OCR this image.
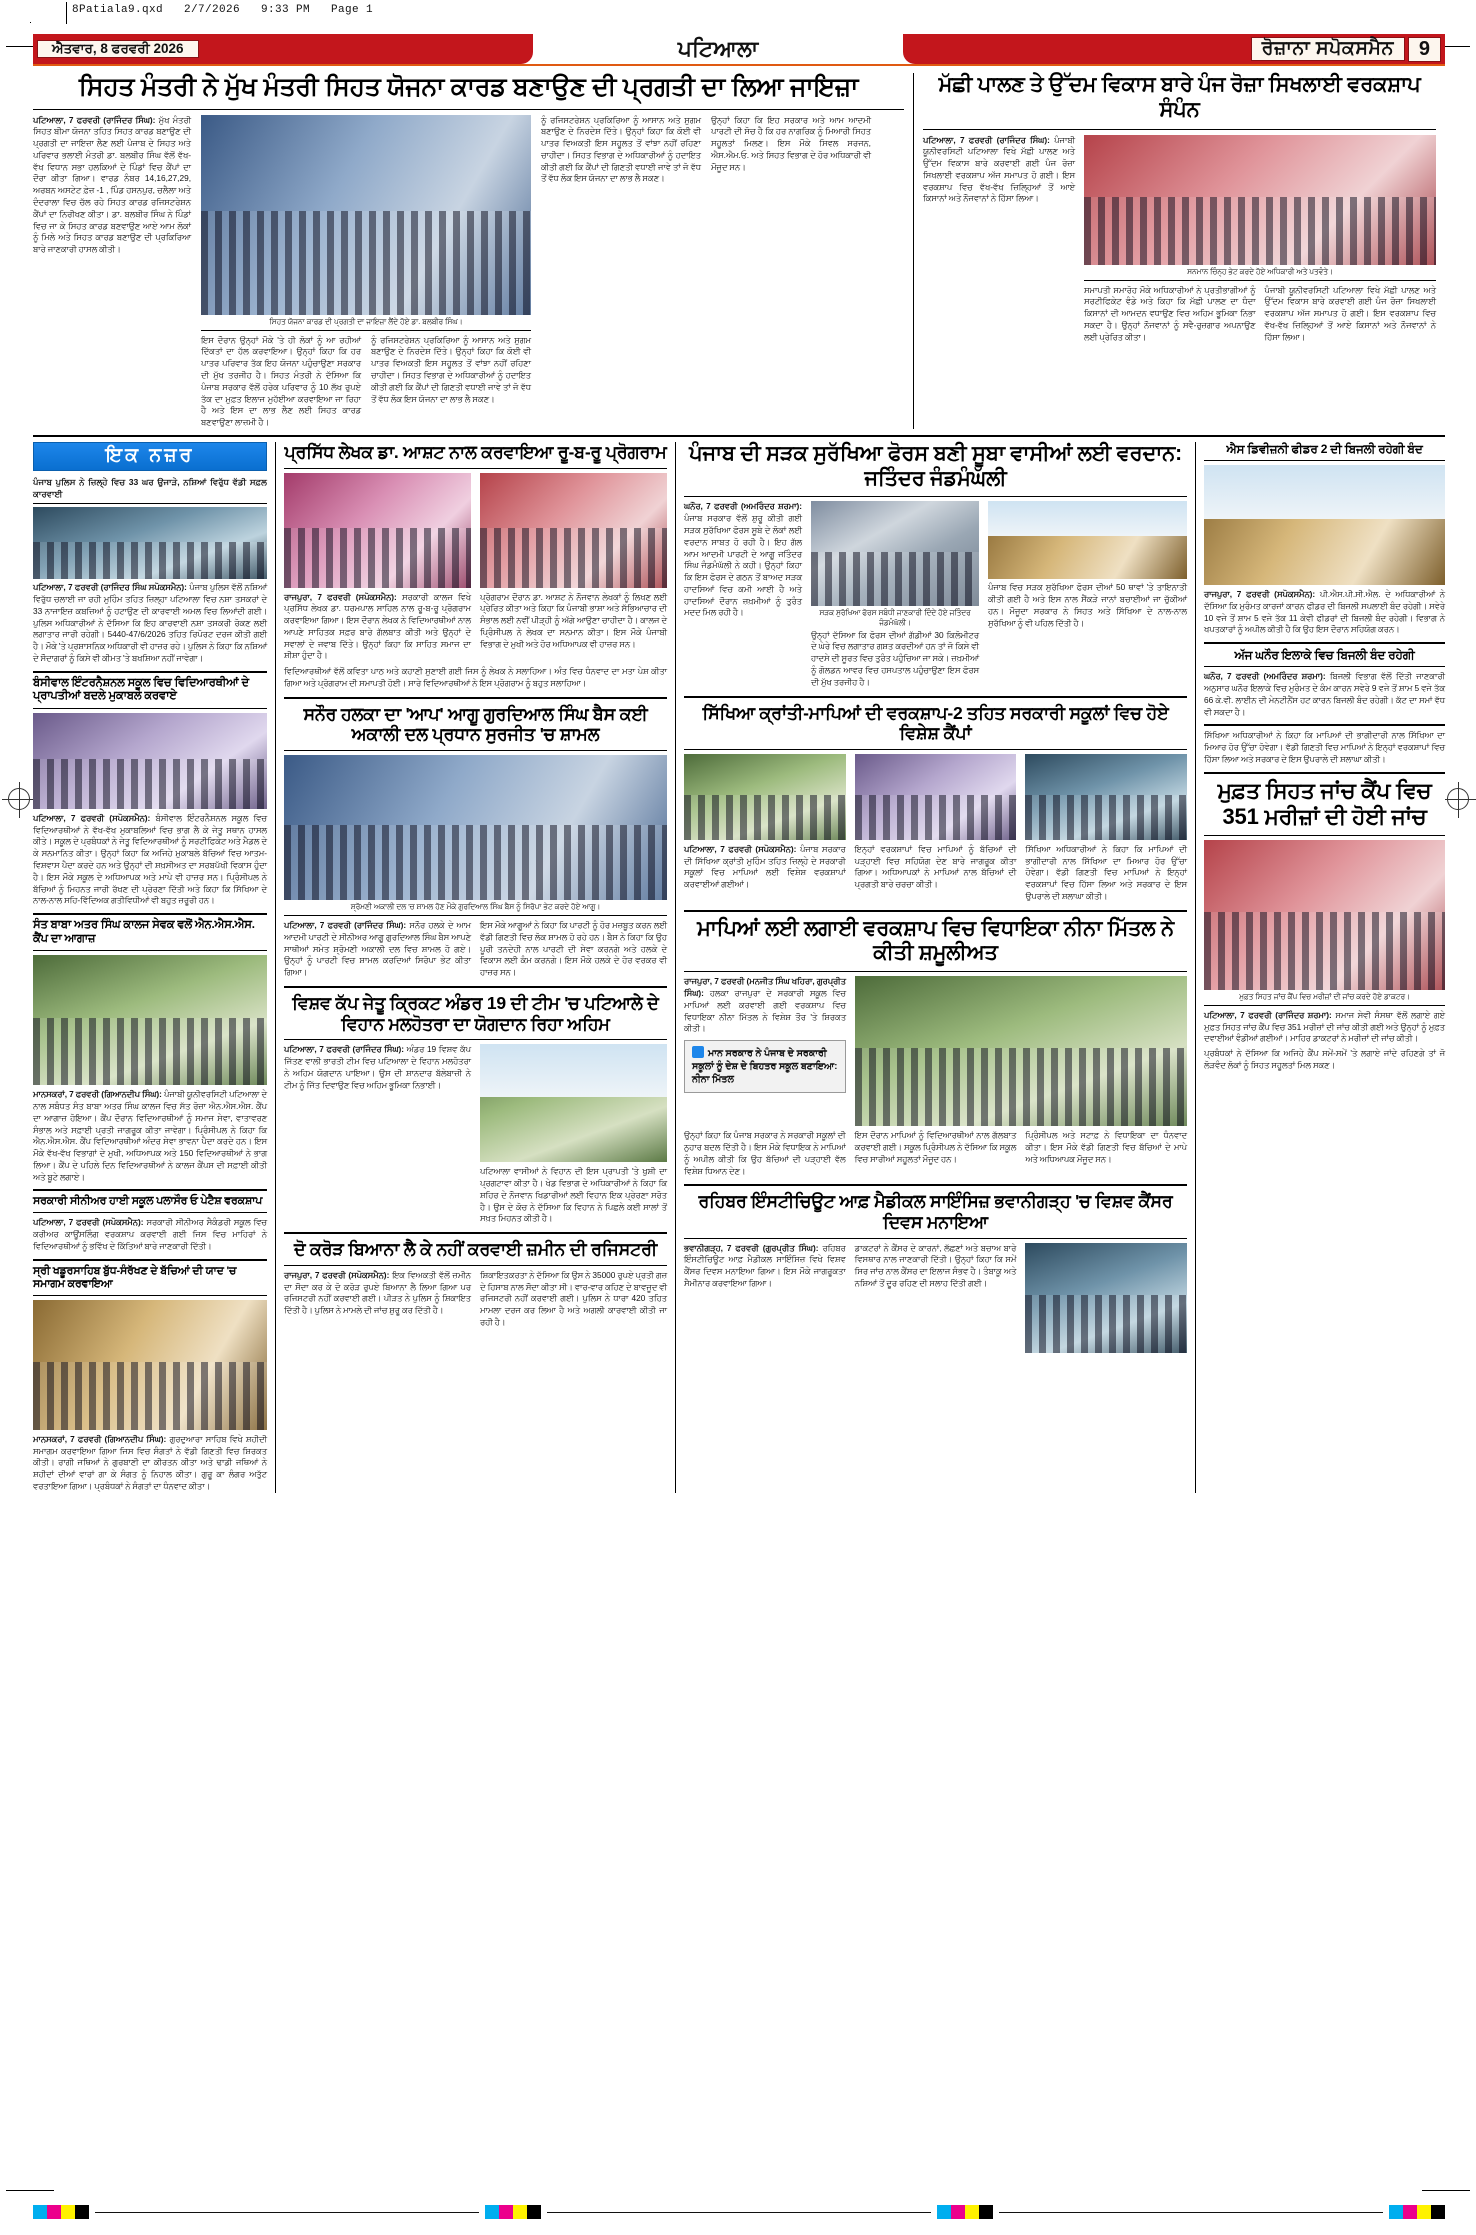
8Patiala9.qxd   2/7/2026   9:33 PM   Page 1
ਐਤਵਾਰ, 8 ਫਰਵਰੀ 2026	ਪਟਿਆਲਾ	ਰੋਜ਼ਾਨਾ ਸਪੋਕਸਮੈਨ	9
ਸਿਹਤ ਮੰਤਰੀ ਨੇ ਮੁੱਖ ਮੰਤਰੀ ਸਿਹਤ ਯੋਜਨਾ ਕਾਰਡ ਬਣਾਉਣ ਦੀ ਪ੍ਰਗਤੀ ਦਾ ਲਿਆ ਜਾਇਜ਼ਾ
ਪਟਿਆਲਾ, 7 ਫਰਵਰੀ (ਰਾਜਿੰਦਰ ਸਿੰਘ): ਮੁੱਖ ਮੰਤਰੀ ਸਿਹਤ ਬੀਮਾ ਯੋਜਨਾ ਤਹਿਤ ਸਿਹਤ ਕਾਰਡ ਬਣਾਉਣ ਦੀ ਪ੍ਰਗਤੀ ਦਾ ਜਾਇਜ਼ਾ ਲੈਣ ਲਈ ਪੰਜਾਬ ਦੇ ਸਿਹਤ ਅਤੇ ਪਰਿਵਾਰ ਭਲਾਈ ਮੰਤਰੀ ਡਾ. ਬਲਬੀਰ ਸਿੰਘ ਵੱਲੋਂ ਵੱਖ-ਵੱਖ ਵਿਧਾਨ ਸਭਾ ਹਲਕਿਆਂ ਦੇ ਪਿੰਡਾਂ ਵਿਚ ਕੈਂਪਾਂ ਦਾ ਦੌਰਾ ਕੀਤਾ ਗਿਆ। ਵਾਰਡ ਨੰਬਰ 14,16,27,29, ਅਰਬਨ ਅਸਟੇਟ ਫ਼ੇਜ਼ -1 , ਪਿੰਡ ਹਸਨਪੁਰ, ਚਲੈਲਾ ਅਤੇ ਦੰਦਰਾਲਾ ਵਿਚ ਚੱਲ ਰਹੇ ਸਿਹਤ ਕਾਰਡ ਰਜਿਸਟਰੇਸ਼ਨ ਕੈਂਪਾਂ ਦਾ ਨਿਰੀਖਣ ਕੀਤਾ। ਡਾ. ਬਲਬੀਰ ਸਿੰਘ ਨੇ ਪਿੰਡਾਂ ਵਿਚ ਜਾ ਕੇ ਸਿਹਤ ਕਾਰਡ ਬਣਵਾਉਣ ਆਏ ਆਮ ਲੋਕਾਂ ਨੂੰ ਮਿਲੇ ਅਤੇ ਸਿਹਤ ਕਾਰਡ ਬਣਾਉਣ ਦੀ ਪ੍ਰਕਿਰਿਆ ਬਾਰੇ ਜਾਣਕਾਰੀ ਹਾਸਲ ਕੀਤੀ।
ਸਿਹਤ ਯੋਜਨਾ ਕਾਰਡ ਦੀ ਪ੍ਰਗਤੀ ਦਾ ਜਾਇਜ਼ਾ ਲੈਂਦੇ ਹੋਏ ਡਾ. ਬਲਬੀਰ ਸਿੰਘ।
ਇਸ ਦੌਰਾਨ ਉਨ੍ਹਾਂ ਮੌਕੇ 'ਤੇ ਹੀ ਲੋਕਾਂ ਨੂੰ ਆ ਰਹੀਆਂ ਦਿੱਕਤਾਂ ਦਾ ਹੱਲ ਕਰਵਾਇਆ। ਉਨ੍ਹਾਂ ਕਿਹਾ ਕਿ ਹਰ ਪਾਤਰ ਪਰਿਵਾਰ ਤੱਕ ਇਹ ਯੋਜਨਾ ਪਹੁੰਚਾਉਣਾ ਸਰਕਾਰ ਦੀ ਮੁੱਖ ਤਰਜੀਹ ਹੈ। ਸਿਹਤ ਮੰਤਰੀ ਨੇ ਦੱਸਿਆ ਕਿ ਪੰਜਾਬ ਸਰਕਾਰ ਵੱਲੋਂ ਹਰੇਕ ਪਰਿਵਾਰ ਨੂੰ 10 ਲੱਖ ਰੁਪਏ ਤੱਕ ਦਾ ਮੁਫ਼ਤ ਇਲਾਜ ਮੁਹੱਈਆ ਕਰਵਾਇਆ ਜਾ ਰਿਹਾ ਹੈ ਅਤੇ ਇਸ ਦਾ ਲਾਭ ਲੈਣ ਲਈ ਸਿਹਤ ਕਾਰਡ ਬਣਵਾਉਣਾ ਲਾਜ਼ਮੀ ਹੈ।
ਨੂੰ ਰਜਿਸਟਰੇਸ਼ਨ ਪ੍ਰਕਿਰਿਆ ਨੂੰ ਆਸਾਨ ਅਤੇ ਸੁਗਮ ਬਣਾਉਣ ਦੇ ਨਿਰਦੇਸ਼ ਦਿੱਤੇ। ਉਨ੍ਹਾਂ ਕਿਹਾ ਕਿ ਕੋਈ ਵੀ ਪਾਤਰ ਵਿਅਕਤੀ ਇਸ ਸਹੂਲਤ ਤੋਂ ਵਾਂਝਾ ਨਹੀਂ ਰਹਿਣਾ ਚਾਹੀਦਾ। ਸਿਹਤ ਵਿਭਾਗ ਦੇ ਅਧਿਕਾਰੀਆਂ ਨੂੰ ਹਦਾਇਤ ਕੀਤੀ ਗਈ ਕਿ ਕੈਂਪਾਂ ਦੀ ਗਿਣਤੀ ਵਧਾਈ ਜਾਵੇ ਤਾਂ ਜੋ ਵੱਧ ਤੋਂ ਵੱਧ ਲੋਕ ਇਸ ਯੋਜਨਾ ਦਾ ਲਾਭ ਲੈ ਸਕਣ।
ਨੂੰ ਰਜਿਸਟਰੇਸ਼ਨ ਪ੍ਰਕਿਰਿਆ ਨੂੰ ਆਸਾਨ ਅਤੇ ਸੁਗਮ ਬਣਾਉਣ ਦੇ ਨਿਰਦੇਸ਼ ਦਿੱਤੇ। ਉਨ੍ਹਾਂ ਕਿਹਾ ਕਿ ਕੋਈ ਵੀ ਪਾਤਰ ਵਿਅਕਤੀ ਇਸ ਸਹੂਲਤ ਤੋਂ ਵਾਂਝਾ ਨਹੀਂ ਰਹਿਣਾ ਚਾਹੀਦਾ। ਸਿਹਤ ਵਿਭਾਗ ਦੇ ਅਧਿਕਾਰੀਆਂ ਨੂੰ ਹਦਾਇਤ ਕੀਤੀ ਗਈ ਕਿ ਕੈਂਪਾਂ ਦੀ ਗਿਣਤੀ ਵਧਾਈ ਜਾਵੇ ਤਾਂ ਜੋ ਵੱਧ ਤੋਂ ਵੱਧ ਲੋਕ ਇਸ ਯੋਜਨਾ ਦਾ ਲਾਭ ਲੈ ਸਕਣ।
ਉਨ੍ਹਾਂ ਕਿਹਾ ਕਿ ਇਹ ਸਰਕਾਰ ਅਤੇ ਆਮ ਆਦਮੀ ਪਾਰਟੀ ਦੀ ਸੋਚ ਹੈ ਕਿ ਹਰ ਨਾਗਰਿਕ ਨੂੰ ਮਿਆਰੀ ਸਿਹਤ ਸਹੂਲਤਾਂ ਮਿਲਣ। ਇਸ ਮੌਕੇ ਸਿਵਲ ਸਰਜਨ, ਐਸ.ਐਮ.ਓ. ਅਤੇ ਸਿਹਤ ਵਿਭਾਗ ਦੇ ਹੋਰ ਅਧਿਕਾਰੀ ਵੀ ਮੌਜੂਦ ਸਨ।
ਮੱਛੀ ਪਾਲਣ ਤੇ ਉੱਦਮ ਵਿਕਾਸ ਬਾਰੇ ਪੰਜ ਰੋਜ਼ਾ ਸਿਖਲਾਈ ਵਰਕਸ਼ਾਪ ਸੰਪੰਨ
ਪਟਿਆਲਾ, 7 ਫਰਵਰੀ (ਰਾਜਿੰਦਰ ਸਿੰਘ): ਪੰਜਾਬੀ ਯੂਨੀਵਰਸਿਟੀ ਪਟਿਆਲਾ ਵਿਖੇ ਮੱਛੀ ਪਾਲਣ ਅਤੇ ਉੱਦਮ ਵਿਕਾਸ ਬਾਰੇ ਕਰਵਾਈ ਗਈ ਪੰਜ ਰੋਜ਼ਾ ਸਿਖਲਾਈ ਵਰਕਸ਼ਾਪ ਅੱਜ ਸਮਾਪਤ ਹੋ ਗਈ। ਇਸ ਵਰਕਸ਼ਾਪ ਵਿਚ ਵੱਖ-ਵੱਖ ਜ਼ਿਲ੍ਹਿਆਂ ਤੋਂ ਆਏ ਕਿਸਾਨਾਂ ਅਤੇ ਨੌਜਵਾਨਾਂ ਨੇ ਹਿੱਸਾ ਲਿਆ।
ਸਨਮਾਨ ਚਿੰਨ੍ਹ ਭੇਟ ਕਰਦੇ ਹੋਏ ਅਧਿਕਾਰੀ ਅਤੇ ਪਤਵੰਤੇ।
ਸਮਾਪਤੀ ਸਮਾਰੋਹ ਮੌਕੇ ਅਧਿਕਾਰੀਆਂ ਨੇ ਪ੍ਰਤੀਭਾਗੀਆਂ ਨੂੰ ਸਰਟੀਫਿਕੇਟ ਵੰਡੇ ਅਤੇ ਕਿਹਾ ਕਿ ਮੱਛੀ ਪਾਲਣ ਦਾ ਧੰਦਾ ਕਿਸਾਨਾਂ ਦੀ ਆਮਦਨ ਵਧਾਉਣ ਵਿਚ ਅਹਿਮ ਭੂਮਿਕਾ ਨਿਭਾ ਸਕਦਾ ਹੈ। ਉਨ੍ਹਾਂ ਨੌਜਵਾਨਾਂ ਨੂੰ ਸਵੈ-ਰੁਜ਼ਗਾਰ ਅਪਨਾਉਣ ਲਈ ਪ੍ਰੇਰਿਤ ਕੀਤਾ।
ਪੰਜਾਬੀ ਯੂਨੀਵਰਸਿਟੀ ਪਟਿਆਲਾ ਵਿਖੇ ਮੱਛੀ ਪਾਲਣ ਅਤੇ ਉੱਦਮ ਵਿਕਾਸ ਬਾਰੇ ਕਰਵਾਈ ਗਈ ਪੰਜ ਰੋਜ਼ਾ ਸਿਖਲਾਈ ਵਰਕਸ਼ਾਪ ਅੱਜ ਸਮਾਪਤ ਹੋ ਗਈ। ਇਸ ਵਰਕਸ਼ਾਪ ਵਿਚ ਵੱਖ-ਵੱਖ ਜ਼ਿਲ੍ਹਿਆਂ ਤੋਂ ਆਏ ਕਿਸਾਨਾਂ ਅਤੇ ਨੌਜਵਾਨਾਂ ਨੇ ਹਿੱਸਾ ਲਿਆ।
ਇਕ ਨਜ਼ਰ
ਪੰਜਾਬ ਪੁਲਿਸ ਨੇ ਜ਼ਿਲ੍ਹੇ ਵਿਚ 33 ਘਰ ਉਜਾੜੇ, ਨਸ਼ਿਆਂ ਵਿਰੁੱਧ ਵੱਡੀ ਸਫ਼ਲ ਕਾਰਵਾਈ
ਪਟਿਆਲਾ, 7 ਫਰਵਰੀ (ਰਾਜਿੰਦਰ ਸਿੰਘ ਸਪੋਕਸਮੈਨ): ਪੰਜਾਬ ਪੁਲਿਸ ਵੱਲੋਂ ਨਸ਼ਿਆਂ ਵਿਰੁੱਧ ਚਲਾਈ ਜਾ ਰਹੀ ਮੁਹਿੰਮ ਤਹਿਤ ਜ਼ਿਲ੍ਹਾ ਪਟਿਆਲਾ ਵਿਚ ਨਸ਼ਾ ਤਸਕਰਾਂ ਦੇ 33 ਨਾਜਾਇਜ਼ ਕਬਜ਼ਿਆਂ ਨੂੰ ਹਟਾਉਣ ਦੀ ਕਾਰਵਾਈ ਅਮਲ ਵਿਚ ਲਿਆਂਦੀ ਗਈ। ਪੁਲਿਸ ਅਧਿਕਾਰੀਆਂ ਨੇ ਦੱਸਿਆ ਕਿ ਇਹ ਕਾਰਵਾਈ ਨਸ਼ਾ ਤਸਕਰੀ ਰੋਕਣ ਲਈ ਲਗਾਤਾਰ ਜਾਰੀ ਰਹੇਗੀ। 5440-47/6/2026 ਤਹਿਤ ਰਿਪੋਰਟ ਦਰਜ ਕੀਤੀ ਗਈ ਹੈ। ਮੌਕੇ 'ਤੇ ਪ੍ਰਸ਼ਾਸਨਿਕ ਅਧਿਕਾਰੀ ਵੀ ਹਾਜ਼ਰ ਰਹੇ। ਪੁਲਿਸ ਨੇ ਕਿਹਾ ਕਿ ਨਸ਼ਿਆਂ ਦੇ ਸੌਦਾਗਰਾਂ ਨੂੰ ਕਿਸੇ ਵੀ ਕੀਮਤ 'ਤੇ ਬਖਸ਼ਿਆ ਨਹੀਂ ਜਾਵੇਗਾ।
ਬੰਸੀਵਾਲ ਇੰਟਰਨੈਸ਼ਨਲ ਸਕੂਲ ਵਿਚ ਵਿਦਿਆਰਥੀਆਂ ਦੇ ਪ੍ਰਾਪਤੀਆਂ ਬਦਲੇ ਮੁਕਾਬਲੇ ਕਰਵਾਏ
ਪਟਿਆਲਾ, 7 ਫਰਵਰੀ (ਸਪੋਕਸਮੈਨ): ਬੰਸੀਵਾਲ ਇੰਟਰਨੈਸ਼ਨਲ ਸਕੂਲ ਵਿਚ ਵਿਦਿਆਰਥੀਆਂ ਨੇ ਵੱਖ-ਵੱਖ ਮੁਕਾਬਲਿਆਂ ਵਿਚ ਭਾਗ ਲੈ ਕੇ ਜੇਤੂ ਸਥਾਨ ਹਾਸਲ ਕੀਤੇ। ਸਕੂਲ ਦੇ ਪ੍ਰਬੰਧਕਾਂ ਨੇ ਜੇਤੂ ਵਿਦਿਆਰਥੀਆਂ ਨੂੰ ਸਰਟੀਫਿਕੇਟ ਅਤੇ ਮੈਡਲ ਦੇ ਕੇ ਸਨਮਾਨਿਤ ਕੀਤਾ। ਉਨ੍ਹਾਂ ਕਿਹਾ ਕਿ ਅਜਿਹੇ ਮੁਕਾਬਲੇ ਬੱਚਿਆਂ ਵਿਚ ਆਤਮ-ਵਿਸ਼ਵਾਸ ਪੈਦਾ ਕਰਦੇ ਹਨ ਅਤੇ ਉਨ੍ਹਾਂ ਦੀ ਸ਼ਖ਼ਸੀਅਤ ਦਾ ਸਰਬਪੱਖੀ ਵਿਕਾਸ ਹੁੰਦਾ ਹੈ। ਇਸ ਮੌਕੇ ਸਕੂਲ ਦੇ ਅਧਿਆਪਕ ਅਤੇ ਮਾਪੇ ਵੀ ਹਾਜ਼ਰ ਸਨ। ਪ੍ਰਿੰਸੀਪਲ ਨੇ ਬੱਚਿਆਂ ਨੂੰ ਮਿਹਨਤ ਜਾਰੀ ਰੱਖਣ ਦੀ ਪ੍ਰੇਰਣਾ ਦਿੱਤੀ ਅਤੇ ਕਿਹਾ ਕਿ ਸਿੱਖਿਆ ਦੇ ਨਾਲ-ਨਾਲ ਸਹਿ-ਵਿੱਦਿਅਕ ਗਤੀਵਿਧੀਆਂ ਵੀ ਬਹੁਤ ਜ਼ਰੂਰੀ ਹਨ।
ਸੰਤ ਬਾਬਾ ਅਤਰ ਸਿੰਘ ਕਾਲਜ ਸੇਵਕ ਵਲੋਂ ਐਨ.ਐਸ.ਐਸ. ਕੈਂਪ ਦਾ ਆਗਾਜ਼
ਮਾਨਸਕਰਾਂ, 7 ਫਰਵਰੀ (ਗਿਆਨਦੀਪ ਸਿੰਘ): ਪੰਜਾਬੀ ਯੂਨੀਵਰਸਿਟੀ ਪਟਿਆਲਾ ਦੇ ਨਾਲ ਸਬੰਧਤ ਸੰਤ ਬਾਬਾ ਅਤਰ ਸਿੰਘ ਕਾਲਜ ਵਿਚ ਸੱਤ ਰੋਜ਼ਾ ਐਨ.ਐਸ.ਐਸ. ਕੈਂਪ ਦਾ ਆਗਾਜ਼ ਹੋਇਆ। ਕੈਂਪ ਦੌਰਾਨ ਵਿਦਿਆਰਥੀਆਂ ਨੂੰ ਸਮਾਜ ਸੇਵਾ, ਵਾਤਾਵਰਣ ਸੰਭਾਲ ਅਤੇ ਸਫ਼ਾਈ ਪ੍ਰਤੀ ਜਾਗਰੂਕ ਕੀਤਾ ਜਾਵੇਗਾ। ਪ੍ਰਿੰਸੀਪਲ ਨੇ ਕਿਹਾ ਕਿ ਐਨ.ਐਸ.ਐਸ. ਕੈਂਪ ਵਿਦਿਆਰਥੀਆਂ ਅੰਦਰ ਸੇਵਾ ਭਾਵਨਾ ਪੈਦਾ ਕਰਦੇ ਹਨ। ਇਸ ਮੌਕੇ ਵੱਖ-ਵੱਖ ਵਿਭਾਗਾਂ ਦੇ ਮੁਖੀ, ਅਧਿਆਪਕ ਅਤੇ 150 ਵਿਦਿਆਰਥੀਆਂ ਨੇ ਭਾਗ ਲਿਆ। ਕੈਂਪ ਦੇ ਪਹਿਲੇ ਦਿਨ ਵਿਦਿਆਰਥੀਆਂ ਨੇ ਕਾਲਜ ਕੈਂਪਸ ਦੀ ਸਫ਼ਾਈ ਕੀਤੀ ਅਤੇ ਬੂਟੇ ਲਗਾਏ।
ਸਰਕਾਰੀ ਸੀਨੀਅਰ ਹਾਈ ਸਕੂਲ ਪਲਾਸੌਰ ਓ ਪੇਟੈਸ਼ ਵਰਕਸ਼ਾਪ
ਪਟਿਆਲਾ, 7 ਫਰਵਰੀ (ਸਪੋਕਸਮੈਨ): ਸਰਕਾਰੀ ਸੀਨੀਅਰ ਸੈਕੰਡਰੀ ਸਕੂਲ ਵਿਚ ਕਰੀਅਰ ਕਾਊਂਸਲਿੰਗ ਵਰਕਸ਼ਾਪ ਕਰਵਾਈ ਗਈ ਜਿਸ ਵਿਚ ਮਾਹਿਰਾਂ ਨੇ ਵਿਦਿਆਰਥੀਆਂ ਨੂੰ ਭਵਿੱਖ ਦੇ ਕਿੱਤਿਆਂ ਬਾਰੇ ਜਾਣਕਾਰੀ ਦਿੱਤੀ।
ਸ੍ਰੀ ਖਡੂਰਸਾਹਿਬ ਬੁੱਧ-ਸੰਰੱਖਣ ਦੇ ਬੱਚਿਆਂ ਦੀ ਯਾਦ 'ਚ ਸਮਾਗਮ ਕਰਵਾਇਆ
ਮਾਨਸਕਰਾਂ, 7 ਫਰਵਰੀ (ਗਿਆਨਦੀਪ ਸਿੰਘ): ਗੁਰਦੁਆਰਾ ਸਾਹਿਬ ਵਿਖੇ ਸ਼ਹੀਦੀ ਸਮਾਗਮ ਕਰਵਾਇਆ ਗਿਆ ਜਿਸ ਵਿਚ ਸੰਗਤਾਂ ਨੇ ਵੱਡੀ ਗਿਣਤੀ ਵਿਚ ਸ਼ਿਰਕਤ ਕੀਤੀ। ਰਾਗੀ ਜਥਿਆਂ ਨੇ ਗੁਰਬਾਣੀ ਦਾ ਕੀਰਤਨ ਕੀਤਾ ਅਤੇ ਢਾਡੀ ਜਥਿਆਂ ਨੇ ਸ਼ਹੀਦਾਂ ਦੀਆਂ ਵਾਰਾਂ ਗਾ ਕੇ ਸੰਗਤ ਨੂੰ ਨਿਹਾਲ ਕੀਤਾ। ਗੁਰੂ ਕਾ ਲੰਗਰ ਅਤੁੱਟ ਵਰਤਾਇਆ ਗਿਆ। ਪ੍ਰਬੰਧਕਾਂ ਨੇ ਸੰਗਤਾਂ ਦਾ ਧੰਨਵਾਦ ਕੀਤਾ।
ਪ੍ਰਸਿੱਧ ਲੇਖਕ ਡਾ. ਆਸ਼ਟ ਨਾਲ ਕਰਵਾਇਆ ਰੂ-ਬ-ਰੂ ਪ੍ਰੋਗਰਾਮ
ਰਾਜਪੁਰਾ, 7 ਫਰਵਰੀ (ਸਪੋਕਸਮੈਨ): ਸਰਕਾਰੀ ਕਾਲਜ ਵਿਖੇ ਪ੍ਰਸਿੱਧ ਲੇਖਕ ਡਾ. ਧਰਮਪਾਲ ਸਾਹਿਲ ਨਾਲ ਰੂ-ਬ-ਰੂ ਪ੍ਰੋਗਰਾਮ ਕਰਵਾਇਆ ਗਿਆ। ਇਸ ਦੌਰਾਨ ਲੇਖਕ ਨੇ ਵਿਦਿਆਰਥੀਆਂ ਨਾਲ ਆਪਣੇ ਸਾਹਿਤਕ ਸਫ਼ਰ ਬਾਰੇ ਗੱਲਬਾਤ ਕੀਤੀ ਅਤੇ ਉਨ੍ਹਾਂ ਦੇ ਸਵਾਲਾਂ ਦੇ ਜਵਾਬ ਦਿੱਤੇ। ਉਨ੍ਹਾਂ ਕਿਹਾ ਕਿ ਸਾਹਿਤ ਸਮਾਜ ਦਾ ਸ਼ੀਸ਼ਾ ਹੁੰਦਾ ਹੈ।
ਪ੍ਰੋਗਰਾਮ ਦੌਰਾਨ ਡਾ. ਆਸ਼ਟ ਨੇ ਨੌਜਵਾਨ ਲੇਖਕਾਂ ਨੂੰ ਲਿਖਣ ਲਈ ਪ੍ਰੇਰਿਤ ਕੀਤਾ ਅਤੇ ਕਿਹਾ ਕਿ ਪੰਜਾਬੀ ਭਾਸ਼ਾ ਅਤੇ ਸੱਭਿਆਚਾਰ ਦੀ ਸੰਭਾਲ ਲਈ ਨਵੀਂ ਪੀੜ੍ਹੀ ਨੂੰ ਅੱਗੇ ਆਉਣਾ ਚਾਹੀਦਾ ਹੈ। ਕਾਲਜ ਦੇ ਪ੍ਰਿੰਸੀਪਲ ਨੇ ਲੇਖਕ ਦਾ ਸਨਮਾਨ ਕੀਤਾ। ਇਸ ਮੌਕੇ ਪੰਜਾਬੀ ਵਿਭਾਗ ਦੇ ਮੁਖੀ ਅਤੇ ਹੋਰ ਅਧਿਆਪਕ ਵੀ ਹਾਜ਼ਰ ਸਨ।
ਵਿਦਿਆਰਥੀਆਂ ਵੱਲੋਂ ਕਵਿਤਾ ਪਾਠ ਅਤੇ ਕਹਾਣੀ ਸੁਣਾਈ ਗਈ ਜਿਸ ਨੂੰ ਲੇਖਕ ਨੇ ਸਲਾਹਿਆ। ਅੰਤ ਵਿਚ ਧੰਨਵਾਦ ਦਾ ਮਤਾ ਪੇਸ਼ ਕੀਤਾ ਗਿਆ ਅਤੇ ਪ੍ਰੋਗਰਾਮ ਦੀ ਸਮਾਪਤੀ ਹੋਈ। ਸਾਰੇ ਵਿਦਿਆਰਥੀਆਂ ਨੇ ਇਸ ਪ੍ਰੋਗਰਾਮ ਨੂੰ ਬਹੁਤ ਸਲਾਹਿਆ।
ਸਨੌਰ ਹਲਕਾ ਦਾ 'ਆਪ' ਆਗੂ ਗੁਰਦਿਆਲ ਸਿੰਘ ਬੈਸ ਕਈ ਅਕਾਲੀ ਦਲ ਪ੍ਰਧਾਨ ਸੁਰਜੀਤ 'ਚ ਸ਼ਾਮਲ
ਸ਼੍ਰੋਮਣੀ ਅਕਾਲੀ ਦਲ 'ਚ ਸ਼ਾਮਲ ਹੋਣ ਮੌਕੇ ਗੁਰਦਿਆਲ ਸਿੰਘ ਬੈਸ ਨੂੰ ਸਿਰੋਪਾ ਭੇਟ ਕਰਦੇ ਹੋਏ ਆਗੂ।
ਪਟਿਆਲਾ, 7 ਫਰਵਰੀ (ਰਾਜਿੰਦਰ ਸਿੰਘ): ਸਨੌਰ ਹਲਕੇ ਦੇ ਆਮ ਆਦਮੀ ਪਾਰਟੀ ਦੇ ਸੀਨੀਅਰ ਆਗੂ ਗੁਰਦਿਆਲ ਸਿੰਘ ਬੈਸ ਆਪਣੇ ਸਾਥੀਆਂ ਸਮੇਤ ਸ਼੍ਰੋਮਣੀ ਅਕਾਲੀ ਦਲ ਵਿਚ ਸ਼ਾਮਲ ਹੋ ਗਏ। ਉਨ੍ਹਾਂ ਨੂੰ ਪਾਰਟੀ ਵਿਚ ਸ਼ਾਮਲ ਕਰਦਿਆਂ ਸਿਰੋਪਾ ਭੇਟ ਕੀਤਾ ਗਿਆ।
ਇਸ ਮੌਕੇ ਆਗੂਆਂ ਨੇ ਕਿਹਾ ਕਿ ਪਾਰਟੀ ਨੂੰ ਹੋਰ ਮਜ਼ਬੂਤ ਕਰਨ ਲਈ ਵੱਡੀ ਗਿਣਤੀ ਵਿਚ ਲੋਕ ਸ਼ਾਮਲ ਹੋ ਰਹੇ ਹਨ। ਬੈਸ ਨੇ ਕਿਹਾ ਕਿ ਉਹ ਪੂਰੀ ਤਨਦੇਹੀ ਨਾਲ ਪਾਰਟੀ ਦੀ ਸੇਵਾ ਕਰਨਗੇ ਅਤੇ ਹਲਕੇ ਦੇ ਵਿਕਾਸ ਲਈ ਕੰਮ ਕਰਨਗੇ। ਇਸ ਮੌਕੇ ਹਲਕੇ ਦੇ ਹੋਰ ਵਰਕਰ ਵੀ ਹਾਜ਼ਰ ਸਨ।
ਵਿਸ਼ਵ ਕੱਪ ਜੇਤੂ ਕ੍ਰਿਕਟ ਅੰਡਰ 19 ਦੀ ਟੀਮ 'ਚ ਪਟਿਆਲੇ ਦੇ ਵਿਹਾਨ ਮਲਹੋਤਰਾ ਦਾ ਯੋਗਦਾਨ ਰਿਹਾ ਅਹਿਮ
ਪਟਿਆਲਾ, 7 ਫਰਵਰੀ (ਰਾਜਿੰਦਰ ਸਿੰਘ): ਅੰਡਰ 19 ਵਿਸ਼ਵ ਕੱਪ ਜਿੱਤਣ ਵਾਲੀ ਭਾਰਤੀ ਟੀਮ ਵਿਚ ਪਟਿਆਲਾ ਦੇ ਵਿਹਾਨ ਮਲਹੋਤਰਾ ਨੇ ਅਹਿਮ ਯੋਗਦਾਨ ਪਾਇਆ। ਉਸ ਦੀ ਸ਼ਾਨਦਾਰ ਬੱਲੇਬਾਜ਼ੀ ਨੇ ਟੀਮ ਨੂੰ ਜਿੱਤ ਦਿਵਾਉਣ ਵਿਚ ਅਹਿਮ ਭੂਮਿਕਾ ਨਿਭਾਈ।
ਪਟਿਆਲਾ ਵਾਸੀਆਂ ਨੇ ਵਿਹਾਨ ਦੀ ਇਸ ਪ੍ਰਾਪਤੀ 'ਤੇ ਖੁਸ਼ੀ ਦਾ ਪ੍ਰਗਟਾਵਾ ਕੀਤਾ ਹੈ। ਖੇਡ ਵਿਭਾਗ ਦੇ ਅਧਿਕਾਰੀਆਂ ਨੇ ਕਿਹਾ ਕਿ ਸ਼ਹਿਰ ਦੇ ਨੌਜਵਾਨ ਖਿਡਾਰੀਆਂ ਲਈ ਵਿਹਾਨ ਇਕ ਪ੍ਰੇਰਣਾ ਸਰੋਤ ਹੈ। ਉਸ ਦੇ ਕੋਚ ਨੇ ਦੱਸਿਆ ਕਿ ਵਿਹਾਨ ਨੇ ਪਿਛਲੇ ਕਈ ਸਾਲਾਂ ਤੋਂ ਸਖ਼ਤ ਮਿਹਨਤ ਕੀਤੀ ਹੈ।
ਦੋ ਕਰੋੜ ਬਿਆਨਾ ਲੈ ਕੇ ਨਹੀਂ ਕਰਵਾਈ ਜ਼ਮੀਨ ਦੀ ਰਜਿਸਟਰੀ
ਰਾਜਪੁਰਾ, 7 ਫਰਵਰੀ (ਸਪੋਕਸਮੈਨ): ਇਕ ਵਿਅਕਤੀ ਵੱਲੋਂ ਜ਼ਮੀਨ ਦਾ ਸੌਦਾ ਕਰ ਕੇ ਦੋ ਕਰੋੜ ਰੁਪਏ ਬਿਆਨਾ ਲੈ ਲਿਆ ਗਿਆ ਪਰ ਰਜਿਸਟਰੀ ਨਹੀਂ ਕਰਵਾਈ ਗਈ। ਪੀੜਤ ਨੇ ਪੁਲਿਸ ਨੂੰ ਸ਼ਿਕਾਇਤ ਦਿੱਤੀ ਹੈ। ਪੁਲਿਸ ਨੇ ਮਾਮਲੇ ਦੀ ਜਾਂਚ ਸ਼ੁਰੂ ਕਰ ਦਿੱਤੀ ਹੈ।
ਸ਼ਿਕਾਇਤਕਰਤਾ ਨੇ ਦੱਸਿਆ ਕਿ ਉਸ ਨੇ 35000 ਰੁਪਏ ਪ੍ਰਤੀ ਗਜ਼ ਦੇ ਹਿਸਾਬ ਨਾਲ ਸੌਦਾ ਕੀਤਾ ਸੀ। ਵਾਰ-ਵਾਰ ਕਹਿਣ ਦੇ ਬਾਵਜੂਦ ਵੀ ਰਜਿਸਟਰੀ ਨਹੀਂ ਕਰਵਾਈ ਗਈ। ਪੁਲਿਸ ਨੇ ਧਾਰਾ 420 ਤਹਿਤ ਮਾਮਲਾ ਦਰਜ ਕਰ ਲਿਆ ਹੈ ਅਤੇ ਅਗਲੀ ਕਾਰਵਾਈ ਕੀਤੀ ਜਾ ਰਹੀ ਹੈ।
ਪੰਜਾਬ ਦੀ ਸੜਕ ਸੁਰੱਖਿਆ ਫੋਰਸ ਬਣੀ ਸੂਬਾ ਵਾਸੀਆਂ ਲਈ ਵਰਦਾਨ: ਜਤਿੰਦਰ ਜੰਡਮੰਘੱਲੀ
ਘਨੌਰ, 7 ਫਰਵਰੀ (ਅਮਰਿੰਦਰ ਸ਼ਰਮਾ): ਪੰਜਾਬ ਸਰਕਾਰ ਵੱਲੋਂ ਸ਼ੁਰੂ ਕੀਤੀ ਗਈ ਸੜਕ ਸੁਰੱਖਿਆ ਫੋਰਸ ਸੂਬੇ ਦੇ ਲੋਕਾਂ ਲਈ ਵਰਦਾਨ ਸਾਬਤ ਹੋ ਰਹੀ ਹੈ। ਇਹ ਗੱਲ ਆਮ ਆਦਮੀ ਪਾਰਟੀ ਦੇ ਆਗੂ ਜਤਿੰਦਰ ਸਿੰਘ ਜੰਡਮੰਘੱਲੀ ਨੇ ਕਹੀ। ਉਨ੍ਹਾਂ ਕਿਹਾ ਕਿ ਇਸ ਫੋਰਸ ਦੇ ਗਠਨ ਤੋਂ ਬਾਅਦ ਸੜਕ ਹਾਦਸਿਆਂ ਵਿਚ ਕਮੀ ਆਈ ਹੈ ਅਤੇ ਹਾਦਸਿਆਂ ਦੌਰਾਨ ਜ਼ਖ਼ਮੀਆਂ ਨੂੰ ਤੁਰੰਤ ਮਦਦ ਮਿਲ ਰਹੀ ਹੈ।	ਸੜਕ ਸੁਰੱਖਿਆ ਫੋਰਸ ਸਬੰਧੀ ਜਾਣਕਾਰੀ ਦਿੰਦੇ ਹੋਏ ਜਤਿੰਦਰ ਜੰਡਮੰਘੱਲੀ।
ਉਨ੍ਹਾਂ ਦੱਸਿਆ ਕਿ ਫੋਰਸ ਦੀਆਂ ਗੱਡੀਆਂ 30 ਕਿਲੋਮੀਟਰ ਦੇ ਘੇਰੇ ਵਿਚ ਲਗਾਤਾਰ ਗਸ਼ਤ ਕਰਦੀਆਂ ਹਨ ਤਾਂ ਜੋ ਕਿਸੇ ਵੀ ਹਾਦਸੇ ਦੀ ਸੂਰਤ ਵਿਚ ਤੁਰੰਤ ਪਹੁੰਚਿਆ ਜਾ ਸਕੇ। ਜ਼ਖ਼ਮੀਆਂ ਨੂੰ ਗੋਲਡਨ ਆਵਰ ਵਿਚ ਹਸਪਤਾਲ ਪਹੁੰਚਾਉਣਾ ਇਸ ਫੋਰਸ ਦੀ ਮੁੱਖ ਤਰਜੀਹ ਹੈ।
ਪੰਜਾਬ ਵਿਚ ਸੜਕ ਸੁਰੱਖਿਆ ਫੋਰਸ ਦੀਆਂ 50 ਥਾਵਾਂ 'ਤੇ ਤਾਇਨਾਤੀ ਕੀਤੀ ਗਈ ਹੈ ਅਤੇ ਇਸ ਨਾਲ ਸੈਂਕੜੇ ਜਾਨਾਂ ਬਚਾਈਆਂ ਜਾ ਚੁੱਕੀਆਂ ਹਨ। ਮੌਜੂਦਾ ਸਰਕਾਰ ਨੇ ਸਿਹਤ ਅਤੇ ਸਿੱਖਿਆ ਦੇ ਨਾਲ-ਨਾਲ ਸੁਰੱਖਿਆ ਨੂੰ ਵੀ ਪਹਿਲ ਦਿੱਤੀ ਹੈ।
ਸਿੱਖਿਆ ਕ੍ਰਾਂਤੀ-ਮਾਪਿਆਂ ਦੀ ਵਰਕਸ਼ਾਪ-2 ਤਹਿਤ ਸਰਕਾਰੀ ਸਕੂਲਾਂ ਵਿਚ ਹੋਏ ਵਿਸ਼ੇਸ਼ ਕੈਂਪਾਂ
ਪਟਿਆਲਾ, 7 ਫਰਵਰੀ (ਸਪੋਕਸਮੈਨ): ਪੰਜਾਬ ਸਰਕਾਰ ਦੀ ਸਿੱਖਿਆ ਕ੍ਰਾਂਤੀ ਮੁਹਿੰਮ ਤਹਿਤ ਜ਼ਿਲ੍ਹੇ ਦੇ ਸਰਕਾਰੀ ਸਕੂਲਾਂ ਵਿਚ ਮਾਪਿਆਂ ਲਈ ਵਿਸ਼ੇਸ਼ ਵਰਕਸ਼ਾਪਾਂ ਕਰਵਾਈਆਂ ਗਈਆਂ।
ਇਨ੍ਹਾਂ ਵਰਕਸ਼ਾਪਾਂ ਵਿਚ ਮਾਪਿਆਂ ਨੂੰ ਬੱਚਿਆਂ ਦੀ ਪੜ੍ਹਾਈ ਵਿਚ ਸਹਿਯੋਗ ਦੇਣ ਬਾਰੇ ਜਾਗਰੂਕ ਕੀਤਾ ਗਿਆ। ਅਧਿਆਪਕਾਂ ਨੇ ਮਾਪਿਆਂ ਨਾਲ ਬੱਚਿਆਂ ਦੀ ਪ੍ਰਗਤੀ ਬਾਰੇ ਚਰਚਾ ਕੀਤੀ।
ਸਿੱਖਿਆ ਅਧਿਕਾਰੀਆਂ ਨੇ ਕਿਹਾ ਕਿ ਮਾਪਿਆਂ ਦੀ ਭਾਗੀਦਾਰੀ ਨਾਲ ਸਿੱਖਿਆ ਦਾ ਮਿਆਰ ਹੋਰ ਉੱਚਾ ਹੋਵੇਗਾ। ਵੱਡੀ ਗਿਣਤੀ ਵਿਚ ਮਾਪਿਆਂ ਨੇ ਇਨ੍ਹਾਂ ਵਰਕਸ਼ਾਪਾਂ ਵਿਚ ਹਿੱਸਾ ਲਿਆ ਅਤੇ ਸਰਕਾਰ ਦੇ ਇਸ ਉਪਰਾਲੇ ਦੀ ਸ਼ਲਾਘਾ ਕੀਤੀ।
ਮਾਪਿਆਂ ਲਈ ਲਗਾਈ ਵਰਕਸ਼ਾਪ ਵਿਚ ਵਿਧਾਇਕਾ ਨੀਨਾ ਮਿੱਤਲ ਨੇ ਕੀਤੀ ਸ਼ਮੂਲੀਅਤ
ਰਾਜਪੁਰਾ, 7 ਫਰਵਰੀ (ਮਨਜੀਤ ਸਿੰਘ ਖਹਿਰਾ, ਗੁਰਪ੍ਰੀਤ ਸਿੰਘ): ਹਲਕਾ ਰਾਜਪੁਰਾ ਦੇ ਸਰਕਾਰੀ ਸਕੂਲ ਵਿਚ ਮਾਪਿਆਂ ਲਈ ਕਰਵਾਈ ਗਈ ਵਰਕਸ਼ਾਪ ਵਿਚ ਵਿਧਾਇਕਾ ਨੀਨਾ ਮਿੱਤਲ ਨੇ ਵਿਸ਼ੇਸ਼ ਤੌਰ 'ਤੇ ਸ਼ਿਰਕਤ ਕੀਤੀ।
ਮਾਨ ਸਰਕਾਰ ਨੇ ਪੰਜਾਬ ਦੇ ਸਰਕਾਰੀ ਸਕੂਲਾਂ ਨੂੰ ਦੇਸ਼ ਦੇ ਬਿਹਤਰ ਸਕੂਲ ਬਣਾਇਆ: ਨੀਨਾ ਮਿੱਤਲ
ਉਨ੍ਹਾਂ ਕਿਹਾ ਕਿ ਪੰਜਾਬ ਸਰਕਾਰ ਨੇ ਸਰਕਾਰੀ ਸਕੂਲਾਂ ਦੀ ਨੁਹਾਰ ਬਦਲ ਦਿੱਤੀ ਹੈ। ਇਸ ਮੌਕੇ ਵਿਧਾਇਕ ਨੇ ਮਾਪਿਆਂ ਨੂੰ ਅਪੀਲ ਕੀਤੀ ਕਿ ਉਹ ਬੱਚਿਆਂ ਦੀ ਪੜ੍ਹਾਈ ਵੱਲ ਵਿਸ਼ੇਸ਼ ਧਿਆਨ ਦੇਣ।
ਇਸ ਦੌਰਾਨ ਮਾਪਿਆਂ ਨੂੰ ਵਿਦਿਆਰਥੀਆਂ ਨਾਲ ਗੱਲਬਾਤ ਕਰਵਾਈ ਗਈ। ਸਕੂਲ ਪ੍ਰਿੰਸੀਪਲ ਨੇ ਦੱਸਿਆ ਕਿ ਸਕੂਲ ਵਿਚ ਸਾਰੀਆਂ ਸਹੂਲਤਾਂ ਮੌਜੂਦ ਹਨ।
ਪ੍ਰਿੰਸੀਪਲ ਅਤੇ ਸਟਾਫ਼ ਨੇ ਵਿਧਾਇਕਾ ਦਾ ਧੰਨਵਾਦ ਕੀਤਾ। ਇਸ ਮੌਕੇ ਵੱਡੀ ਗਿਣਤੀ ਵਿਚ ਬੱਚਿਆਂ ਦੇ ਮਾਪੇ ਅਤੇ ਅਧਿਆਪਕ ਮੌਜੂਦ ਸਨ।
ਰਹਿਬਰ ਇੰਸਟੀਚਿਊਟ ਆਫ਼ ਮੈਡੀਕਲ ਸਾਇੰਸਿਜ਼ ਭਵਾਨੀਗੜ੍ਹ 'ਚ ਵਿਸ਼ਵ ਕੈਂਸਰ ਦਿਵਸ ਮਨਾਇਆ
ਭਵਾਨੀਗੜ੍ਹ, 7 ਫਰਵਰੀ (ਗੁਰਪ੍ਰੀਤ ਸਿੰਘ): ਰਹਿਬਰ ਇੰਸਟੀਚਿਊਟ ਆਫ਼ ਮੈਡੀਕਲ ਸਾਇੰਸਿਜ਼ ਵਿਖੇ ਵਿਸ਼ਵ ਕੈਂਸਰ ਦਿਵਸ ਮਨਾਇਆ ਗਿਆ। ਇਸ ਮੌਕੇ ਜਾਗਰੂਕਤਾ ਸੈਮੀਨਾਰ ਕਰਵਾਇਆ ਗਿਆ।
ਡਾਕਟਰਾਂ ਨੇ ਕੈਂਸਰ ਦੇ ਕਾਰਨਾਂ, ਲੱਛਣਾਂ ਅਤੇ ਬਚਾਅ ਬਾਰੇ ਵਿਸਥਾਰ ਨਾਲ ਜਾਣਕਾਰੀ ਦਿੱਤੀ। ਉਨ੍ਹਾਂ ਕਿਹਾ ਕਿ ਸਮੇਂ ਸਿਰ ਜਾਂਚ ਨਾਲ ਕੈਂਸਰ ਦਾ ਇਲਾਜ ਸੰਭਵ ਹੈ। ਤੰਬਾਕੂ ਅਤੇ ਨਸ਼ਿਆਂ ਤੋਂ ਦੂਰ ਰਹਿਣ ਦੀ ਸਲਾਹ ਦਿੱਤੀ ਗਈ।
ਐਸ ਡਿਵੀਜ਼ਨੀ ਫੀਡਰ 2 ਦੀ ਬਿਜਲੀ ਰਹੇਗੀ ਬੰਦ
ਰਾਜਪੁਰਾ, 7 ਫਰਵਰੀ (ਸਪੋਕਸਮੈਨ): ਪੀ.ਐਸ.ਪੀ.ਸੀ.ਐਲ. ਦੇ ਅਧਿਕਾਰੀਆਂ ਨੇ ਦੱਸਿਆ ਕਿ ਮੁਰੰਮਤ ਕਾਰਜਾਂ ਕਾਰਨ ਫੀਡਰ ਦੀ ਬਿਜਲੀ ਸਪਲਾਈ ਬੰਦ ਰਹੇਗੀ। ਸਵੇਰੇ 10 ਵਜੇ ਤੋਂ ਸ਼ਾਮ 5 ਵਜੇ ਤੱਕ 11 ਕੇਵੀ ਫੀਡਰਾਂ ਦੀ ਬਿਜਲੀ ਬੰਦ ਰਹੇਗੀ। ਵਿਭਾਗ ਨੇ ਖਪਤਕਾਰਾਂ ਨੂੰ ਅਪੀਲ ਕੀਤੀ ਹੈ ਕਿ ਉਹ ਇਸ ਦੌਰਾਨ ਸਹਿਯੋਗ ਕਰਨ।
ਅੱਜ ਘਨੌਰ ਇਲਾਕੇ ਵਿਚ ਬਿਜਲੀ ਬੰਦ ਰਹੇਗੀ
ਘਨੌਰ, 7 ਫਰਵਰੀ (ਅਮਰਿੰਦਰ ਸ਼ਰਮਾ): ਬਿਜਲੀ ਵਿਭਾਗ ਵੱਲੋਂ ਦਿੱਤੀ ਜਾਣਕਾਰੀ ਅਨੁਸਾਰ ਘਨੌਰ ਇਲਾਕੇ ਵਿਚ ਮੁਰੰਮਤ ਦੇ ਕੰਮ ਕਾਰਨ ਸਵੇਰੇ 9 ਵਜੇ ਤੋਂ ਸ਼ਾਮ 5 ਵਜੇ ਤੱਕ 66 ਕੇ.ਵੀ. ਲਾਈਨ ਦੀ ਮੇਨਟੀਨੈਂਸ ਹਟ ਕਾਰਨ ਬਿਜਲੀ ਬੰਦ ਰਹੇਗੀ। ਕੱਟ ਦਾ ਸਮਾਂ ਵੱਧ ਵੀ ਸਕਦਾ ਹੈ।
ਸਿੱਖਿਆ ਅਧਿਕਾਰੀਆਂ ਨੇ ਕਿਹਾ ਕਿ ਮਾਪਿਆਂ ਦੀ ਭਾਗੀਦਾਰੀ ਨਾਲ ਸਿੱਖਿਆ ਦਾ ਮਿਆਰ ਹੋਰ ਉੱਚਾ ਹੋਵੇਗਾ। ਵੱਡੀ ਗਿਣਤੀ ਵਿਚ ਮਾਪਿਆਂ ਨੇ ਇਨ੍ਹਾਂ ਵਰਕਸ਼ਾਪਾਂ ਵਿਚ ਹਿੱਸਾ ਲਿਆ ਅਤੇ ਸਰਕਾਰ ਦੇ ਇਸ ਉਪਰਾਲੇ ਦੀ ਸ਼ਲਾਘਾ ਕੀਤੀ।
ਮੁਫ਼ਤ ਸਿਹਤ ਜਾਂਚ ਕੈਂਪ ਵਿਚ 351 ਮਰੀਜ਼ਾਂ ਦੀ ਹੋਈ ਜਾਂਚ
ਮੁਫ਼ਤ ਸਿਹਤ ਜਾਂਚ ਕੈਂਪ ਵਿਚ ਮਰੀਜ਼ਾਂ ਦੀ ਜਾਂਚ ਕਰਦੇ ਹੋਏ ਡਾਕਟਰ।
ਪਟਿਆਲਾ, 7 ਫਰਵਰੀ (ਰਾਜਿੰਦਰ ਸ਼ਰਮਾ): ਸਮਾਜ ਸੇਵੀ ਸੰਸਥਾ ਵੱਲੋਂ ਲਗਾਏ ਗਏ ਮੁਫ਼ਤ ਸਿਹਤ ਜਾਂਚ ਕੈਂਪ ਵਿਚ 351 ਮਰੀਜ਼ਾਂ ਦੀ ਜਾਂਚ ਕੀਤੀ ਗਈ ਅਤੇ ਉਨ੍ਹਾਂ ਨੂੰ ਮੁਫ਼ਤ ਦਵਾਈਆਂ ਵੰਡੀਆਂ ਗਈਆਂ। ਮਾਹਿਰ ਡਾਕਟਰਾਂ ਨੇ ਮਰੀਜ਼ਾਂ ਦੀ ਜਾਂਚ ਕੀਤੀ।
ਪ੍ਰਬੰਧਕਾਂ ਨੇ ਦੱਸਿਆ ਕਿ ਅਜਿਹੇ ਕੈਂਪ ਸਮੇਂ-ਸਮੇਂ 'ਤੇ ਲਗਾਏ ਜਾਂਦੇ ਰਹਿਣਗੇ ਤਾਂ ਜੋ ਲੋੜਵੰਦ ਲੋਕਾਂ ਨੂੰ ਸਿਹਤ ਸਹੂਲਤਾਂ ਮਿਲ ਸਕਣ।
